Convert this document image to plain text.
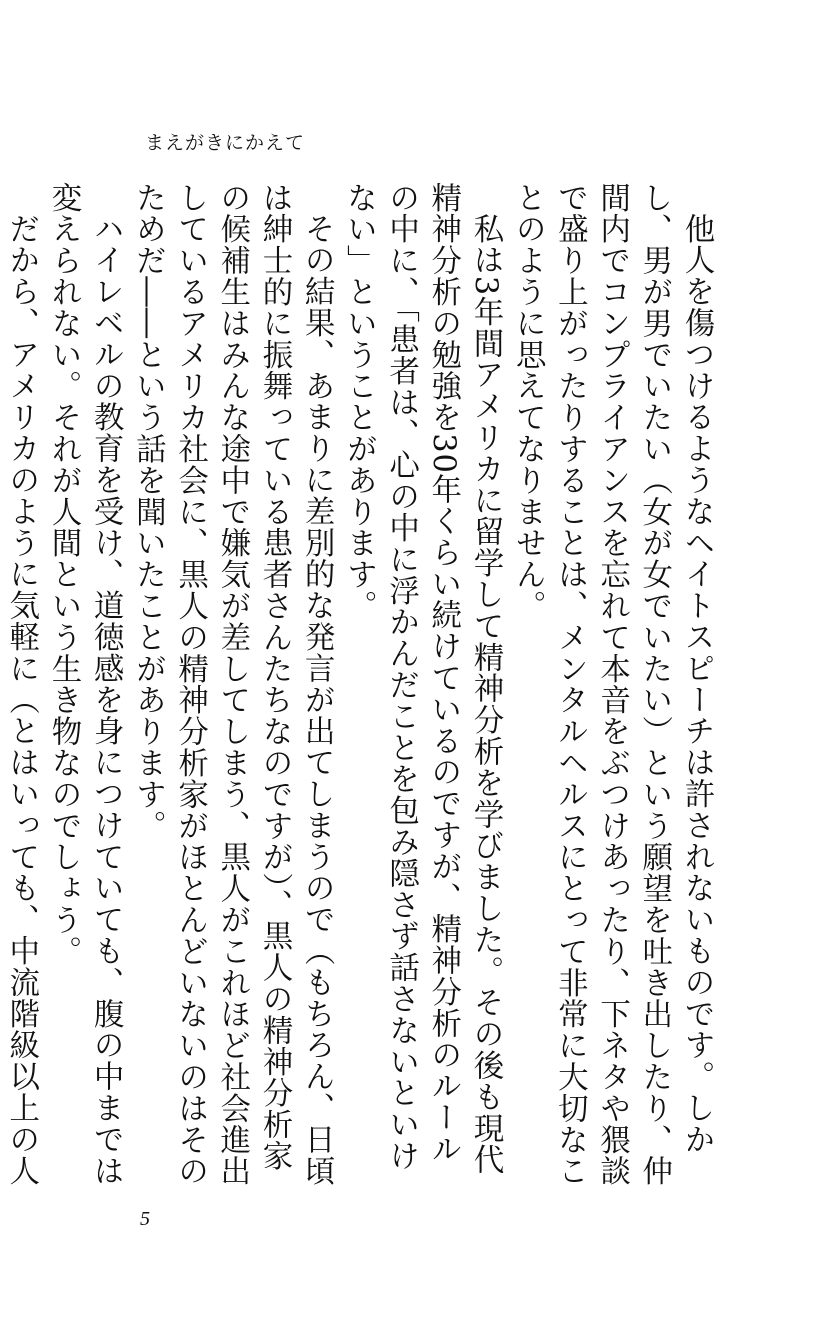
まえがきにかえて

他人を傷つけるようなヘイトスピーチは許されないものです。しかし、男が男でいたい（女が女でいたい）という願望を吐き出したり、仲間内でコンプライアンスを忘れて本音をぶつけあったり、下ネタや猥談で盛り上がったりすることは、メンタルヘルスにとって非常に大切なことのように思えてなりません。

私は3年間アメリカに留学して精神分析を学びました。その後も現代精神分析の勉強を30年くらい続けているのですが、精神分析のルールの中に、「患者は、心の中に浮かんだことを包み隠さず話さないといけない」ということがあります。

その結果、あまりに差別的な発言が出てしまうので（もちろん、日頃は紳士的に振舞っている患者さんたちなのですが）、黒人の精神分析家の候補生はみんな途中で嫌気が差してしまう、黒人がこれほど社会進出しているアメリカ社会に、黒人の精神分析家がほとんどいないのはそのためだ――という話を聞いたことがあります。

ハイレベルの教育を受け、道徳感を身につけていても、腹の中までは変えられない。それが人間という生き物なのでしょう。

だから、アメリカのように気軽に（とはいっても、中流階級以上の人

5
